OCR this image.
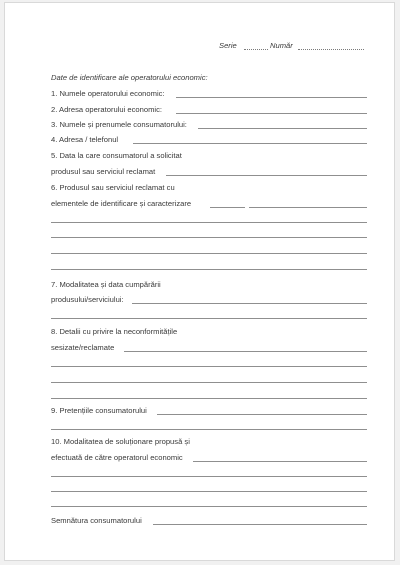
Serie	Număr
Date de identificare ale operatorului economic:
1. Numele operatorului economic:
2. Adresa operatorului economic:
3. Numele și prenumele consumatorului:
4. Adresa / telefonul
5. Data la care consumatorul a solicitat
produsul sau serviciul reclamat
6. Produsul sau serviciul reclamat cu
elementele de identificare și caracterizare
7. Modalitatea și data cumpărării
produsului/serviciului:
8. Detalii cu privire la neconformitățile
sesizate/reclamate
9. Pretențiile consumatorului
10. Modalitatea de soluționare propusă și
efectuată de către operatorul economic
Semnătura consumatorului
